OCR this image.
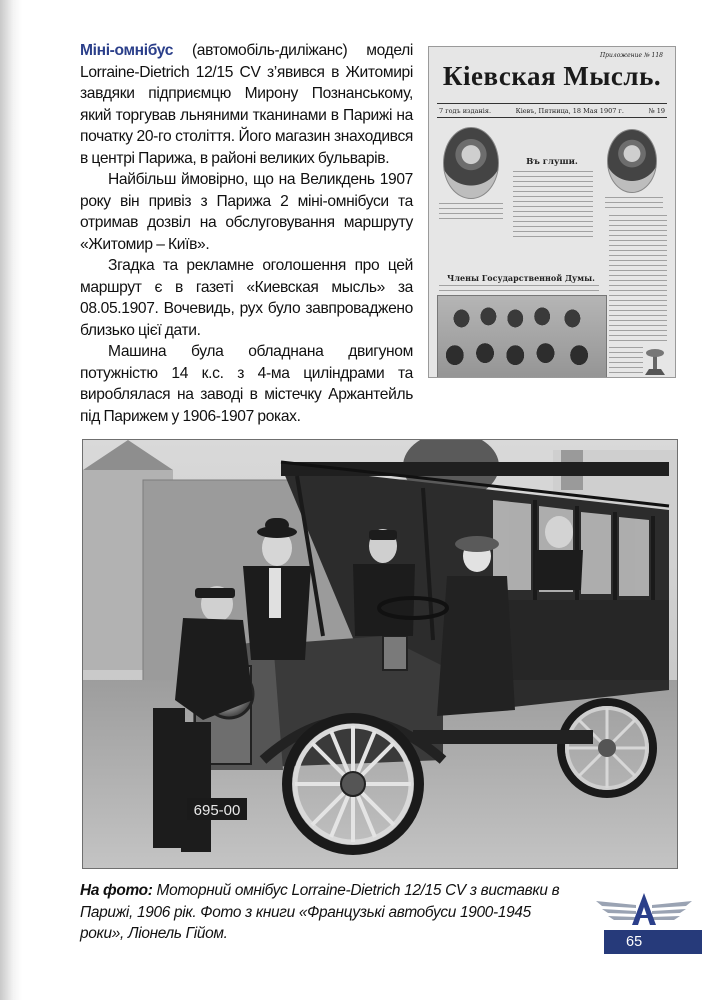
Міні-омнібус (автомобіль-диліжанс) моделі Lorraine-Dietrich 12/15 CV з’явився в Житомирі завдяки підприємцю Мирону Познанському, який торгував льняними тканинами в Парижі на початку 20-го століття. Його магазин знаходився в центрі Парижа, в районі великих бульварів.

Найбільш ймовірно, що на Великдень 1907 року він привіз з Парижа 2 міні-омнібуси та отримав дозвіл на обслуговування маршруту «Житомир – Київ».

Згадка та рекламне оголошення про цей маршрут є в газеті «Киевская мысль» за 08.05.1907. Вочевидь, рух було завпроваджено близько цієї дати.

Машина була обладнана двигуном потужністю 14 к.с. з 4-ма циліндрами та вироблялася на заводі в містечку Аржантейль під Парижем у 1906-1907 роках.

Приложение № 118
Кіевская Мысль.
7 годъ изданія.	Кіевъ, Пятница, 18 Мая 1907 г.	№ 19
Въ глуши.
Члены Государственной Думы.
695-00
На фото: Моторний омнібус Lorraine-Dietrich 12/15 CV з виставки в Парижі, 1906 рік. Фото з книги «Французькі автобуси 1900-1945 роки», Ліонель Гійом.	65
